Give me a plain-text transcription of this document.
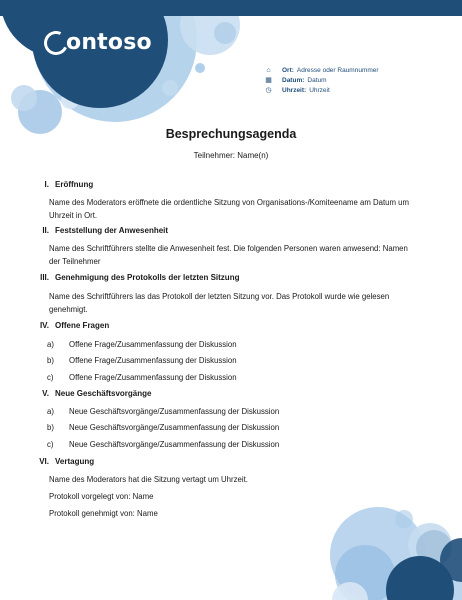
ontoso
⌂	Ort: Adresse oder Raumnummer
▦ Datum: Datum
◷ Uhrzeit: Uhrzeit
Besprechungsagenda
Teilnehmer: Name(n)
I. Eröffnung
Name des Moderators eröffnete die ordentliche Sitzung von Organisations-/Komiteename am Datum um Uhrzeit in Ort.
II. Feststellung der Anwesenheit
Name des Schriftführers stellte die Anwesenheit fest. Die folgenden Personen waren anwesend: Namen der Teilnehmer
III. Genehmigung des Protokolls der letzten Sitzung
Name des Schriftführers las das Protokoll der letzten Sitzung vor. Das Protokoll wurde wie gelesen genehmigt.
IV. Offene Fragen
a)	Offene Frage/Zusammenfassung der Diskussion
b)	Offene Frage/Zusammenfassung der Diskussion
c)	Offene Frage/Zusammenfassung der Diskussion
V. Neue Geschäftsvorgänge
a)	Neue Geschäftsvorgänge/Zusammenfassung der Diskussion
b)	Neue Geschäftsvorgänge/Zusammenfassung der Diskussion
c)	Neue Geschäftsvorgänge/Zusammenfassung der Diskussion
VI. Vertagung
Name des Moderators hat die Sitzung vertagt um Uhrzeit.
Protokoll vorgelegt von: Name
Protokoll genehmigt von: Name
